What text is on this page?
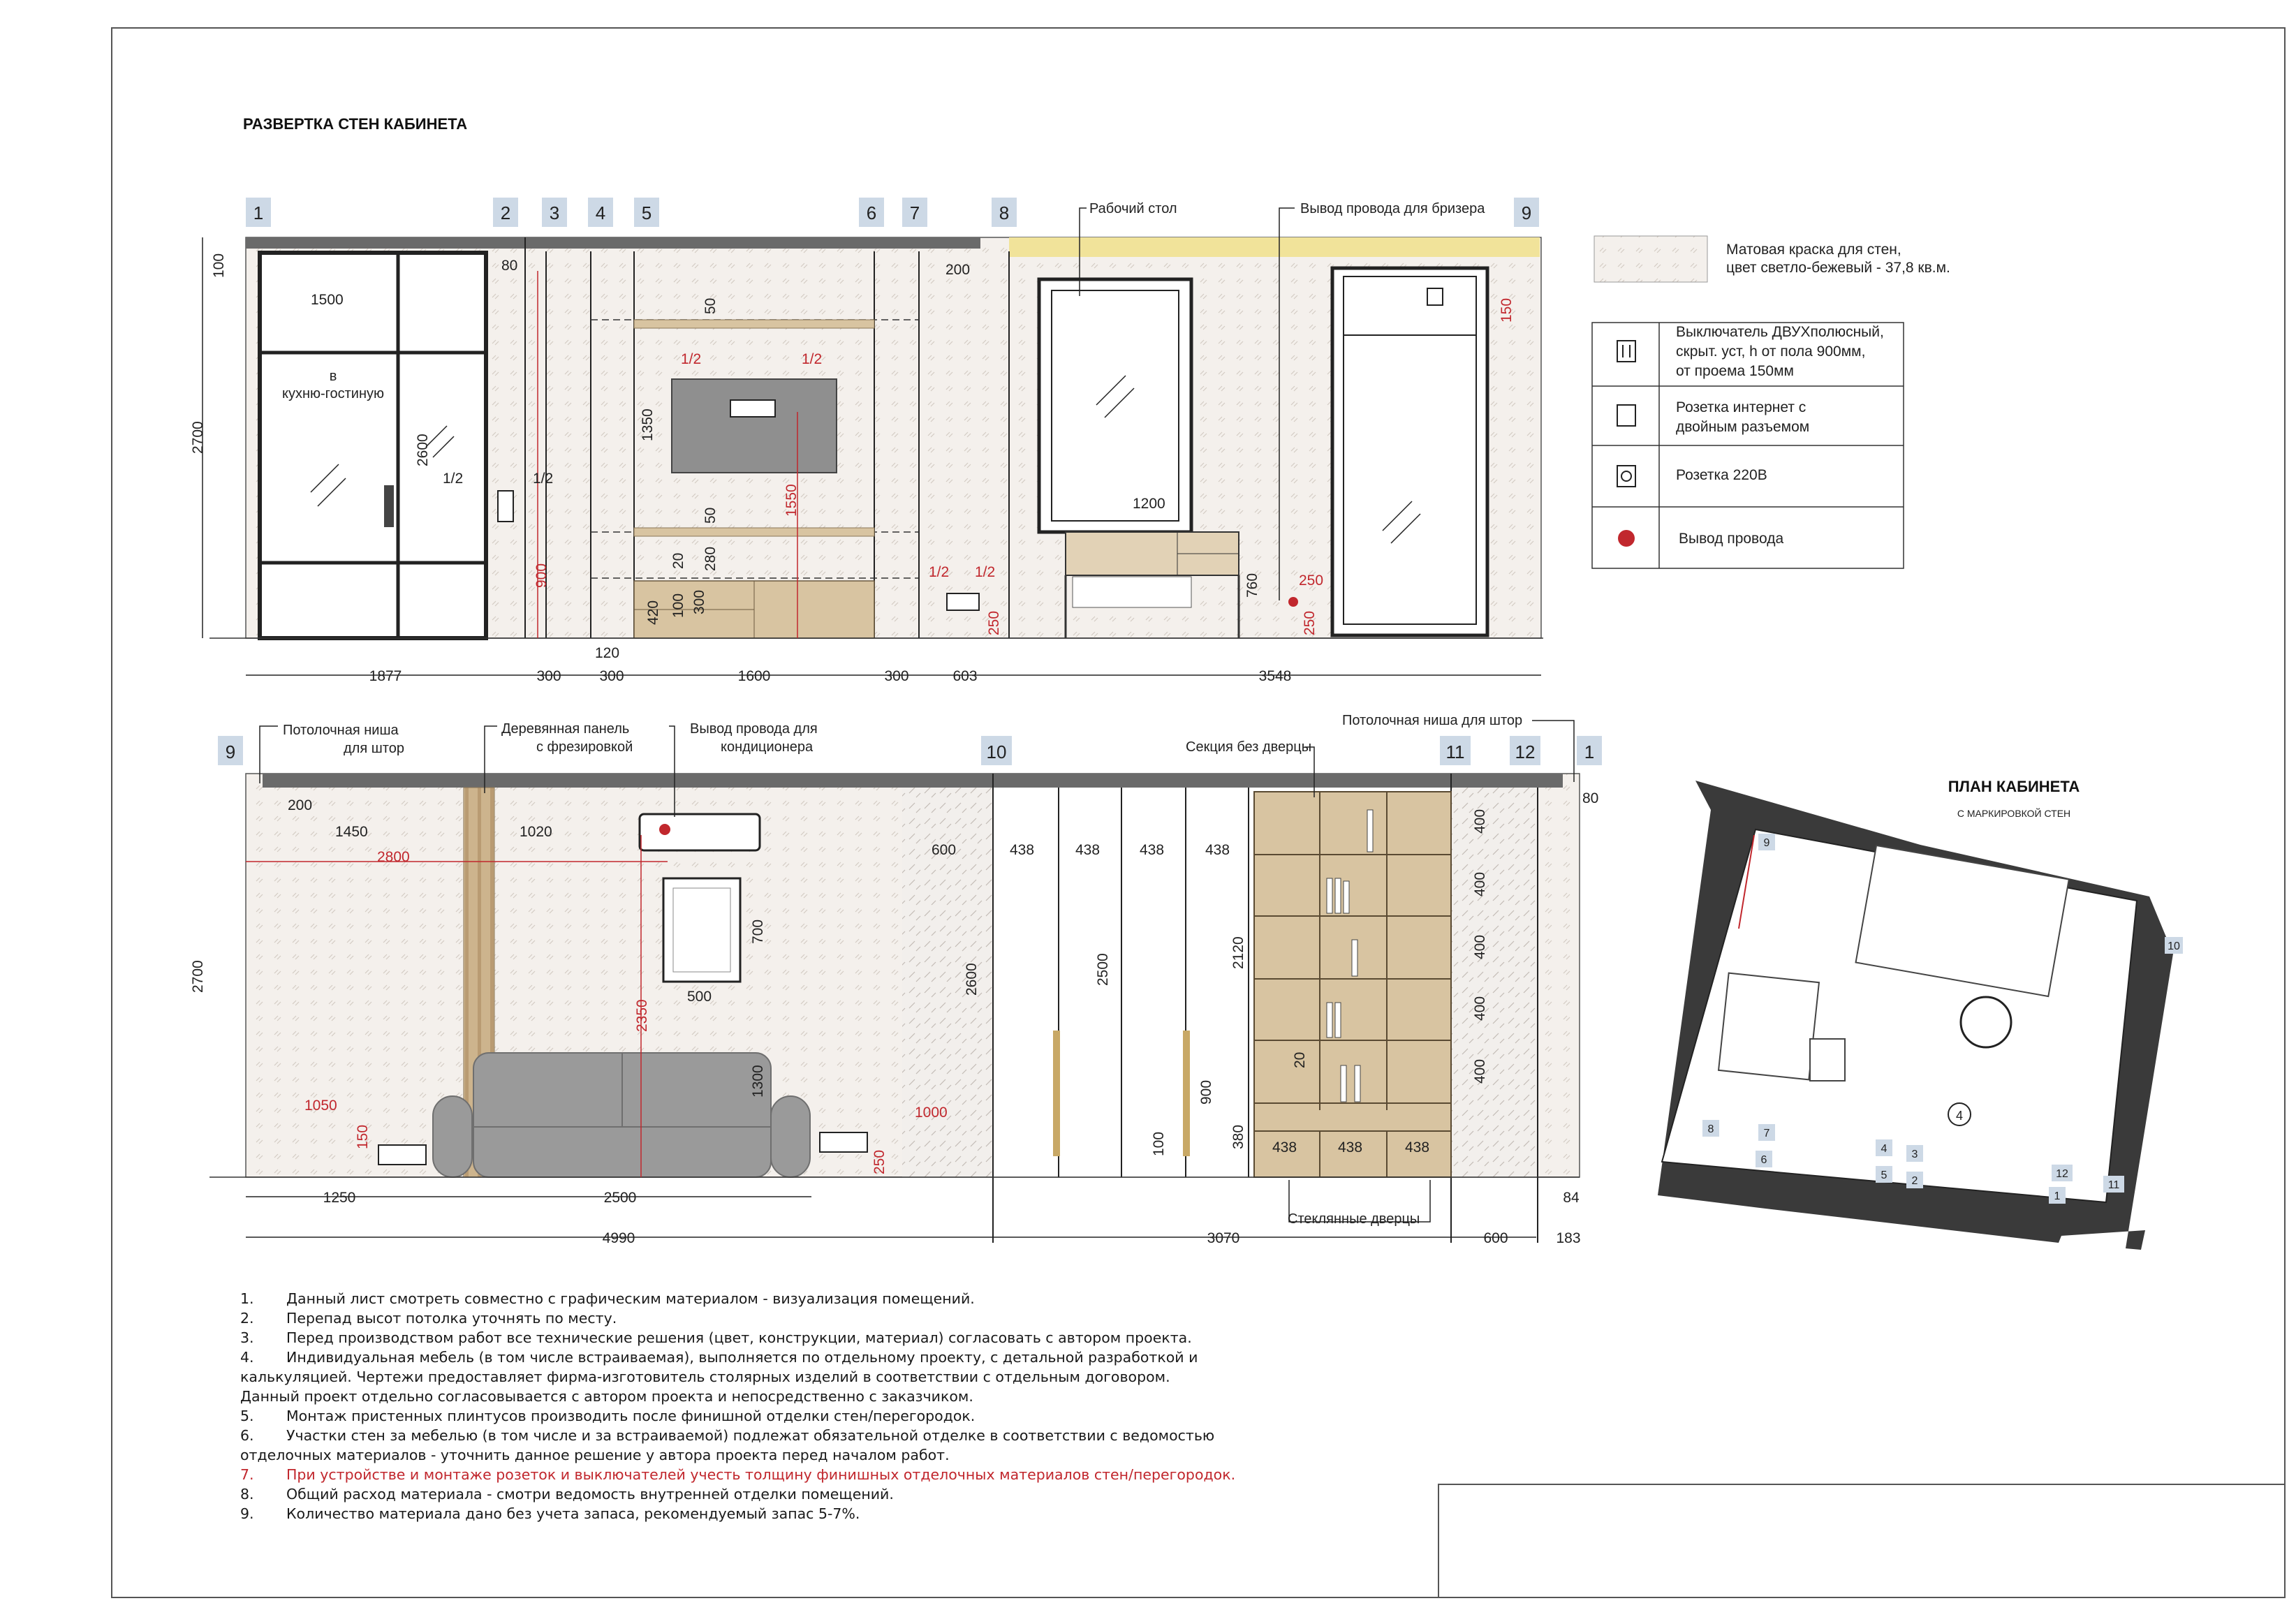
РАЗВЕРТКА СТЕН КАБИНЕТА
в
кухню-гостиную
1877	300	300	1600	300	603	3548
100
2700
80
1500
2600
1/2	1/2
900
50
1/2	1/2
1350
1550
50
20 280
300
100
420
120
200
1/2 1/2
250
1200
760	250
250
150
1	2 3 4 5	6 7	8	9
Рабочий стол	Вывод провода для бризера
Матовая краска для стен,
цвет светло-бежевый - 37,8 кв.м.
Выключатель ДВУХполюсный,
скрыт. уст, h от пола 900мм,
от проема 150мм
Розетка интернет с
двойным разъемом
Розетка 220В
Вывод провода
1250	2500
4990	3070	600
84
183
2700
200
1450	1020
2800
700
500
2350
1300
1050
150
1000
250
600
2600
438	438	438	438
2500
900
100
2120
400
400
400
400
400
20
380 438	438	438
80
9	10	11	12	1
Потолочная ниша
для штор
Деревянная панель
с фрезировкой
Вывод провода для
кондиционера	Секция без дверцы
Потолочная ниша для штор
Стеклянные дверцы
ПЛАН КАБИНЕТА
С МАРКИРОВКОЙ СТЕН
4
9
10
8	7
4 3
6
5 2
12
1
11
1. Данный лист смотреть совместно с графическим материалом - визуализация помещений.
2. Перепад высот потолка уточнять по месту.
3. Перед производством работ все технические решения (цвет, конструкции, материал) согласовать с автором проекта.
4. Индивидуальная мебель (в том числе встраиваемая), выполняется по отдельному проекту, с детальной разработкой и
калькуляцией. Чертежи предоставляет фирма-изготовитель столярных изделий в соответствии с отдельным договором.
Данный проект отдельно согласовывается с автором проекта и непосредственно с заказчиком.
5. Монтаж пристенных плинтусов производить после финишной отделки стен/перегородок.
6. Участки стен за мебелью (в том числе и за встраиваемой) подлежат обязательной отделке в соответствии с ведомостью
отделочных материалов - уточнить данное решение у автора проекта перед началом работ.
7. При устройстве и монтаже розеток и выключателей учесть толщину финишных отделочных материалов стен/перегородок.
8. Общий расход материала - смотри ведомость внутренней отделки помещений.
9. Количество материала дано без учета запаса, рекомендуемый запас 5-7%.
